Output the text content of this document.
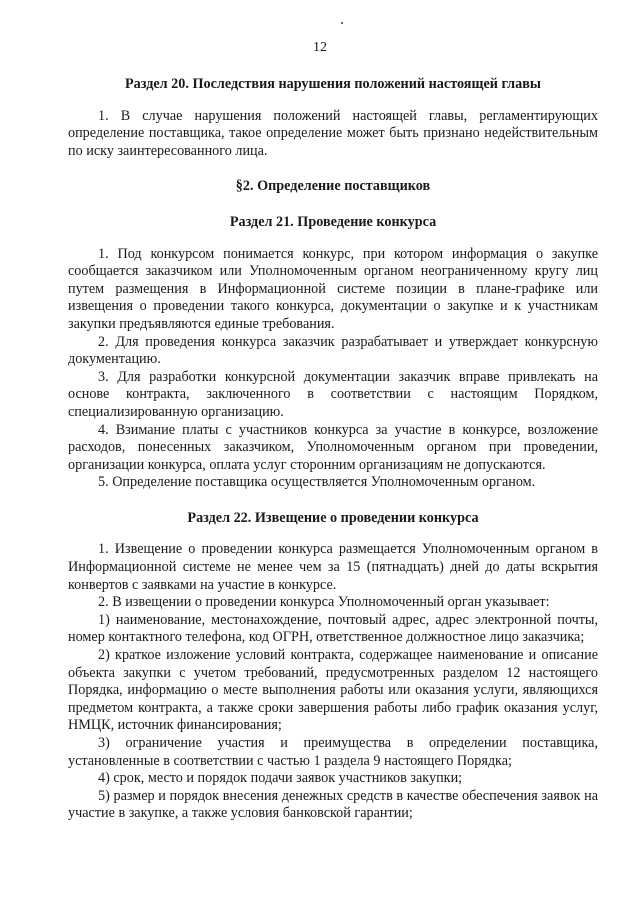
12

Раздел 20. Последствия нарушения положений настоящей главы

1. В случае нарушения положений настоящей главы, регламентирующих определение поставщика, такое определение может быть признано недействительным по иску заинтересованного лица.

§2. Определение поставщиков

Раздел 21. Проведение конкурса

1. Под конкурсом понимается конкурс, при котором информация о закупке сообщается заказчиком или Уполномоченным органом неограниченному кругу лиц путем размещения в Информационной системе позиции в плане-графике или извещения о проведении такого конкурса, документации о закупке и к участникам закупки предъявляются единые требования.

2. Для проведения конкурса заказчик разрабатывает и утверждает конкурсную документацию.

3. Для разработки конкурсной документации заказчик вправе привлекать на основе контракта, заключенного в соответствии с настоящим Порядком, специализированную организацию.

4. Взимание платы с участников конкурса за участие в конкурсе, возложение расходов, понесенных заказчиком, Уполномоченным органом при проведении, организации конкурса, оплата услуг сторонним организациям не допускаются.

5. Определение поставщика осуществляется Уполномоченным органом.

Раздел 22. Извещение о проведении конкурса

1. Извещение о проведении конкурса размещается Уполномоченным органом в Информационной системе не менее чем за 15 (пятнадцать) дней до даты вскрытия конвертов с заявками на участие в конкурсе.

2. В извещении о проведении конкурса Уполномоченный орган указывает:

1) наименование, местонахождение, почтовый адрес, адрес электронной почты, номер контактного телефона, код ОГРН, ответственное должностное лицо заказчика;

2) краткое изложение условий контракта, содержащее наименование и описание объекта закупки с учетом требований, предусмотренных разделом 12 настоящего Порядка, информацию о месте выполнения работы или оказания услуги, являющихся предметом контракта, а также сроки завершения работы либо график оказания услуг, НМЦК, источник финансирования;

3) ограничение участия и преимущества в определении поставщика, установленные в соответствии с частью 1 раздела 9 настоящего Порядка;

4) срок, место и порядок подачи заявок участников закупки;

5) размер и порядок внесения денежных средств в качестве обеспечения заявок на участие в закупке, а также условия банковской гарантии;
